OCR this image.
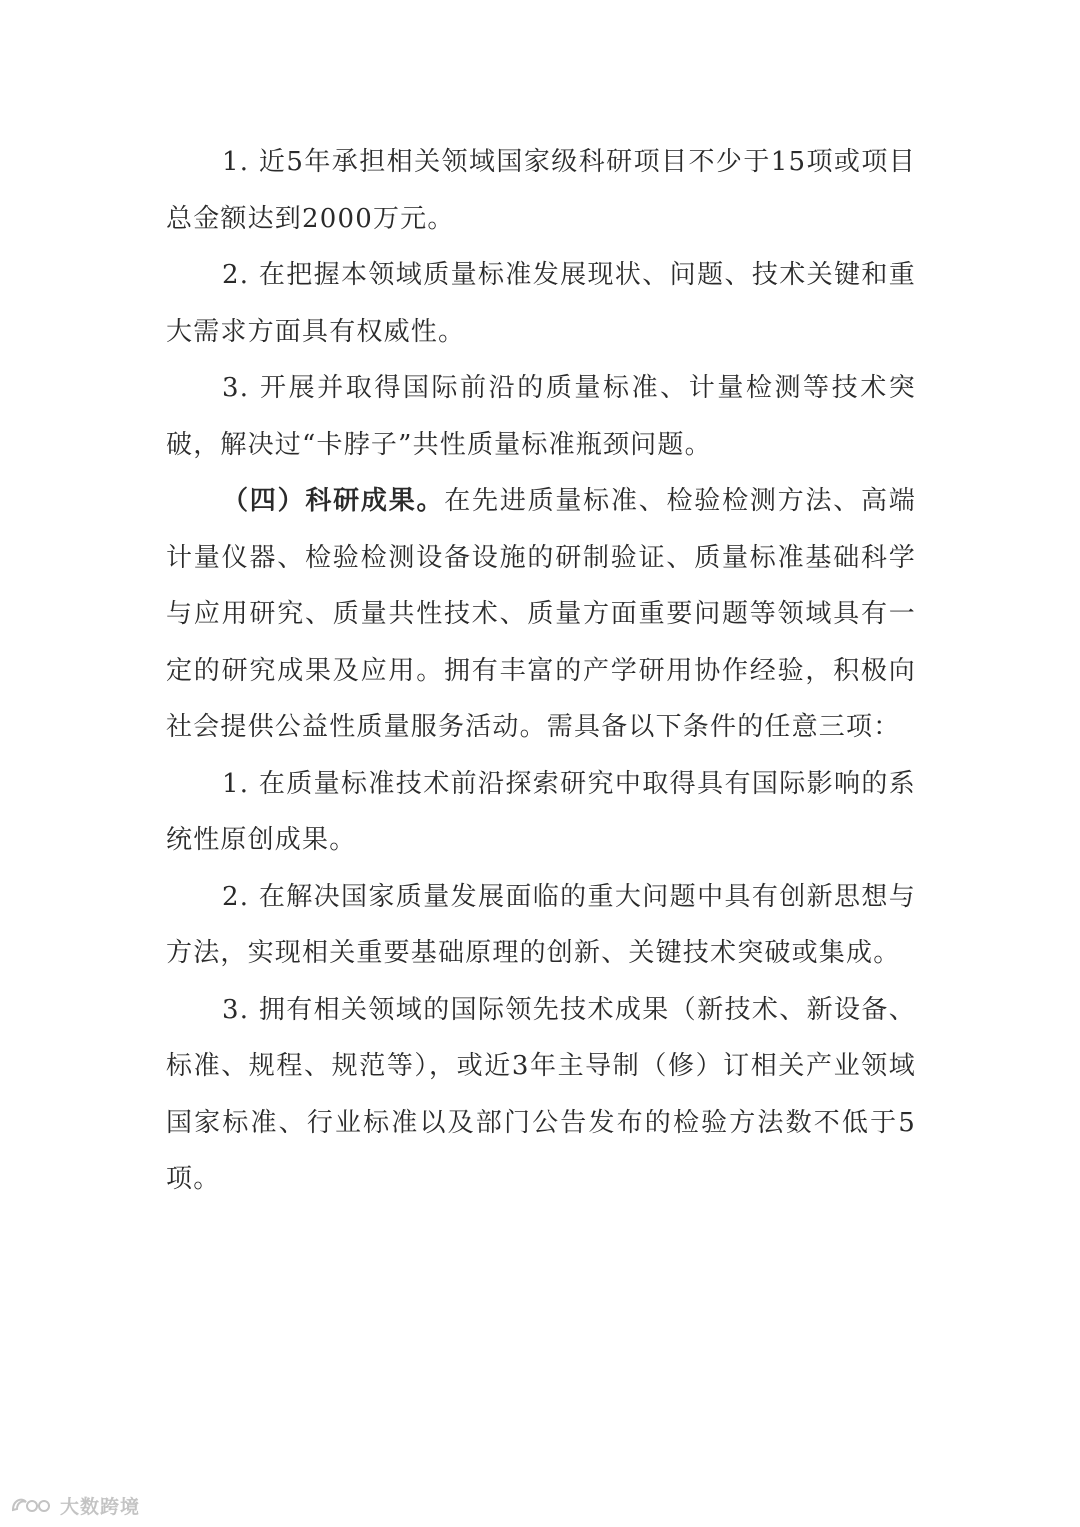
1. 近5年承担相关领域国家级科研项目不少于15项或项目总金额达到2000万元。

2. 在把握本领域质量标准发展现状、问题、技术关键和重大需求方面具有权威性。

3. 开展并取得国际前沿的质量标准、计量检测等技术突破，解决过“卡脖子”共性质量标准瓶颈问题。

（四）科研成果。在先进质量标准、检验检测方法、高端计量仪器、检验检测设备设施的研制验证、质量标准基础科学与应用研究、质量共性技术、质量方面重要问题等领域具有一定的研究成果及应用。拥有丰富的产学研用协作经验，积极向社会提供公益性质量服务活动。需具备以下条件的任意三项：

1. 在质量标准技术前沿探索研究中取得具有国际影响的系统性原创成果。

2. 在解决国家质量发展面临的重大问题中具有创新思想与方法，实现相关重要基础原理的创新、关键技术突破或集成。

3. 拥有相关领域的国际领先技术成果（新技术、新设备、标准、规程、规范等），或近3年主导制（修）订相关产业领域国家标准、行业标准以及部门公告发布的检验方法数不低于5项。

大数跨境
